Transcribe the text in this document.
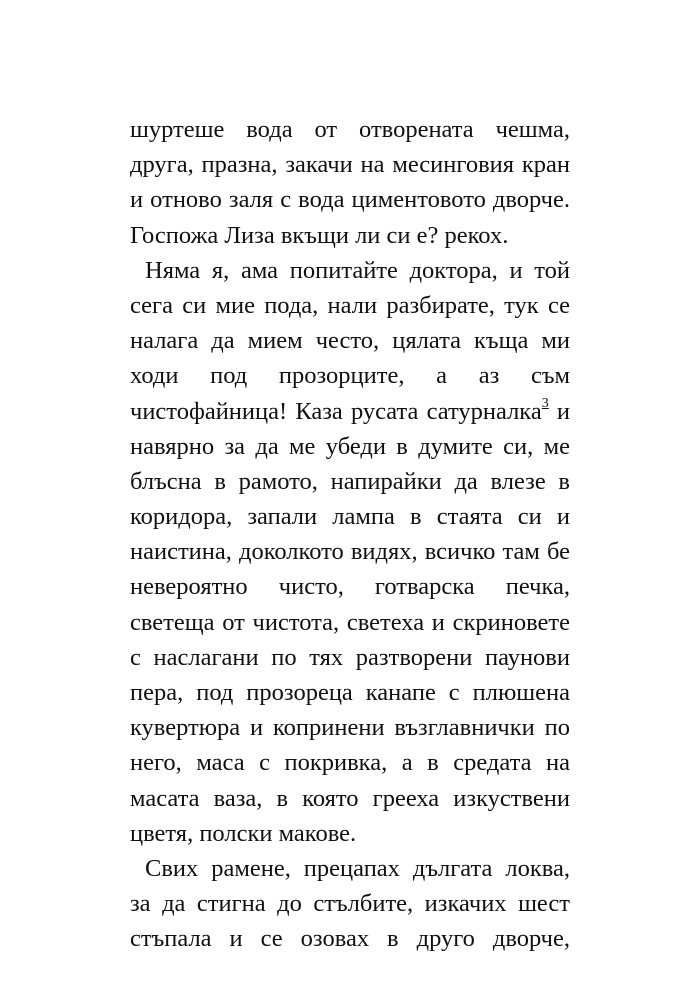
шуртеше вода от отворената чешма,
друга, празна, закачи на месинговия кран
и отново заля с вода циментовото дворче.
Госпожа Лиза вкъщи ли си е? рекох.
Няма я, ама попитайте доктора, и той
сега си мие пода, нали разбирате, тук се
налага да мием често, цялата къща ми
ходи под прозорците, а аз съм
чистофайница! Каза русата сатурналка$^3$ и
навярно за да ме убеди в думите си, ме
блъсна в рамото, напирайки да влезе в
коридора, запали лампа в стаята си и
наистина, доколкото видях, всичко там бе
невероятно чисто, готварска печка,
светеща от чистота, светеха и скриновете
с наслагани по тях разтворени паунови
пера, под прозореца канапе с плюшена
кувертюра и копринени възглавнички по
него, маса с покривка, а в средата на
масата ваза, в която грееха изкуствени
цветя, полски макове.
Свих рамене, прецапах дългата локва,
за да стигна до стълбите, изкачих шест
стъпала и се озовах в друго дворче,
